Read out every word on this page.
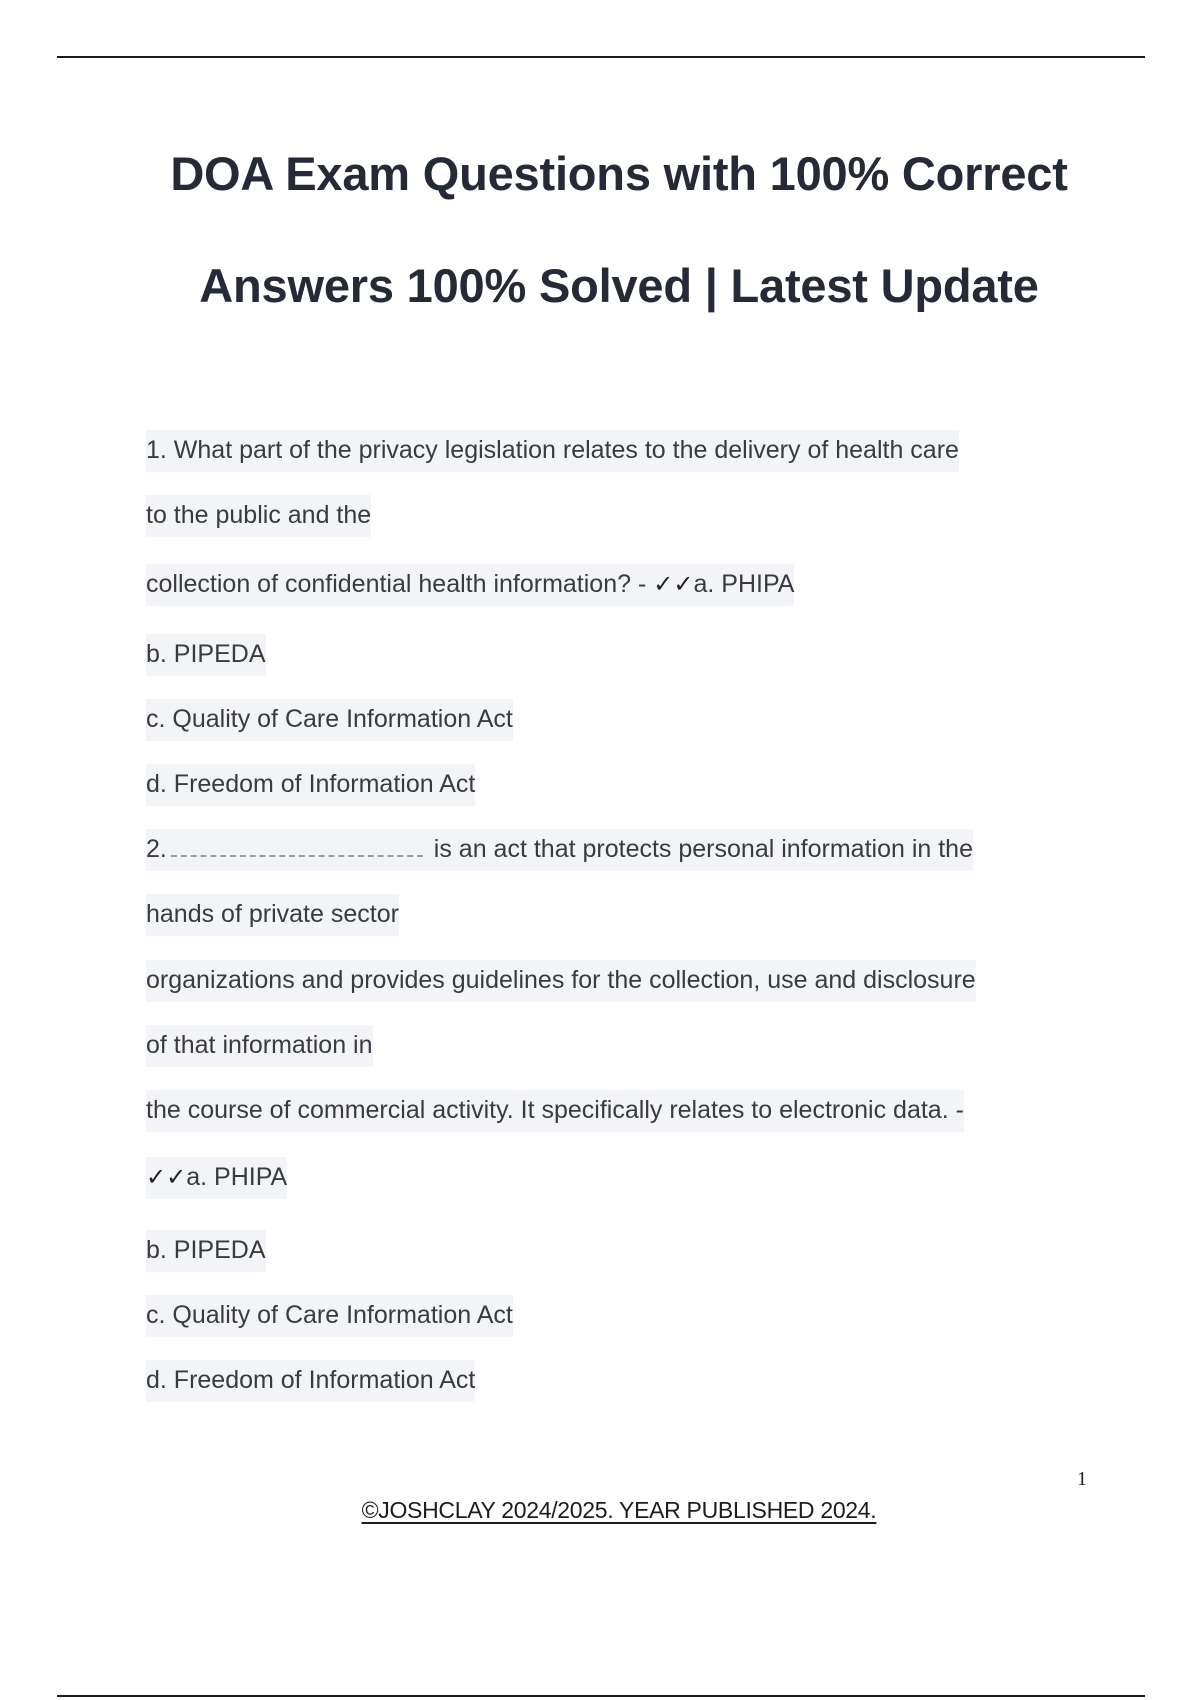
DOA Exam Questions with 100% Correct
Answers 100% Solved | Latest Update
1. What part of the privacy legislation relates to the delivery of health care
to the public and the
collection of confidential health information? - ✓✓a. PHIPA
b. PIPEDA
c. Quality of Care Information Act
d. Freedom of Information Act
2.	is an act that protects personal information in the
hands of private sector
organizations and provides guidelines for the collection, use and disclosure
of that information in
the course of commercial activity. It specifically relates to electronic data. -
✓✓a. PHIPA
b. PIPEDA
c. Quality of Care Information Act
d. Freedom of Information Act
1
©JOSHCLAY 2024/2025. YEAR PUBLISHED 2024.
